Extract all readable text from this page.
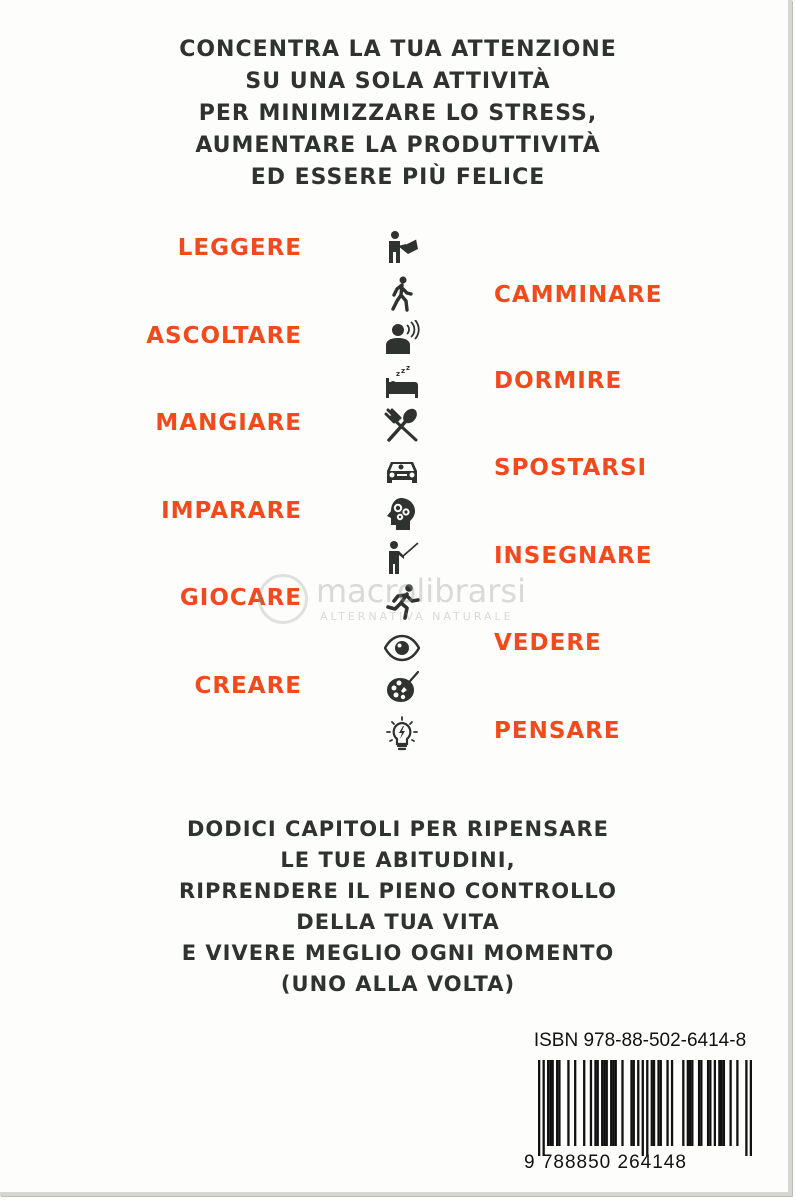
CONCENTRA LA TUA ATTENZIONE
SU UNA SOLA ATTIVITÀ
PER MINIMIZZARE LO STRESS,
AUMENTARE LA PRODUTTIVITÀ
ED ESSERE PIÙ FELICE
LEGGERE
CAMMINARE
ASCOLTARE
DORMIRE
MANGIARE
SPOSTARSI
IMPARARE
INSEGNARE
GIOCARE
VEDERE
CREARE
PENSARE
z z z
macrolibrarsi
ALTERNATIVA NATURALE
DODICI CAPITOLI PER RIPENSARE
LE TUE ABITUDINI,
RIPRENDERE IL PIENO CONTROLLO
DELLA TUA VITA
E VIVERE MEGLIO OGNI MOMENTO
(UNO ALLA VOLTA)
ISBN 978-88-502-6414-8
9 788850 264148
